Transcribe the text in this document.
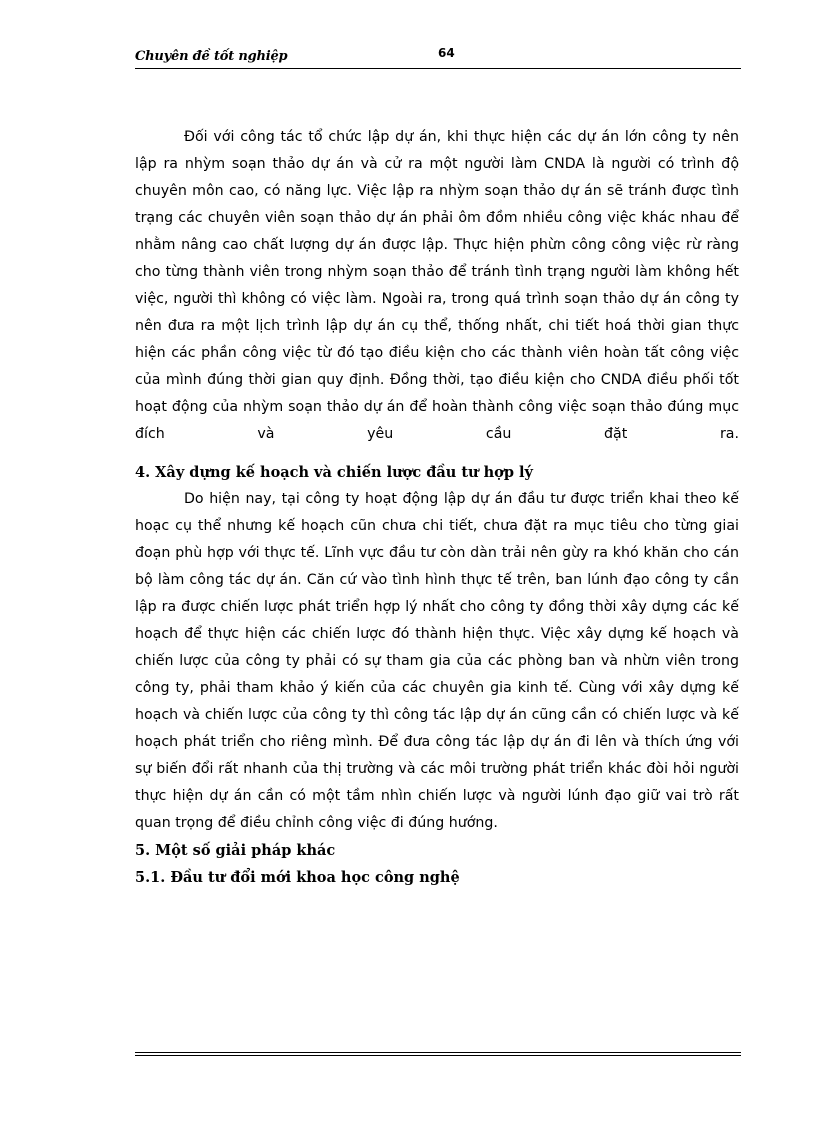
Chuyên đề tốt nghiệp	64

Đối với công tác tổ chức lập dự án, khi thực hiện các dự án lớn công ty nên lập ra nhỳm soạn thảo dự án và cử ra một người làm CNDA là người có trình độ chuyên môn cao, có năng lực. Việc lập ra nhỳm soạn thảo dự án sẽ tránh được tình trạng các chuyên viên soạn thảo dự án phải ôm đồm nhiều công việc khác nhau để nhằm nâng cao chất lượng dự án được lập. Thực hiện phừn công công việc rừ ràng cho từng thành viên trong nhỳm soạn thảo để tránh tình trạng người làm không hết việc, người thì không có việc làm. Ngoài ra, trong quá trình soạn thảo dự án công ty nên đưa ra một lịch trình lập dự án cụ thể, thống nhất, chi tiết hoá thời gian thực hiện các phần công việc từ đó tạo điều kiện cho các thành viên hoàn tất công việc của mình đúng thời gian quy định. Đồng thời, tạo điều kiện cho CNDA điều phối tốt hoạt động của nhỳm soạn thảo dự án để hoàn thành công việc soạn thảo đúng mục đích và yêu cầu đặt ra.

4. Xây dựng kế hoạch và chiến lược đầu tư hợp lý

Do hiện nay, tại công ty hoạt động lập dự án đầu tư được triển khai theo kế hoạc cụ thể nhưng kế hoạch cũn chưa chi tiết, chưa đặt ra mục tiêu cho từng giai đoạn phù hợp với thực tế. Lĩnh vực đầu tư còn dàn trải nên gừy ra khó khăn cho cán bộ làm công tác dự án. Căn cứ vào tình hình thực tế trên, ban lúnh đạo công ty cần lập ra được chiến lược phát triển hợp lý nhất cho công ty đồng thời xây dựng các kế hoạch để thực hiện các chiến lược đó thành hiện thực. Việc xây dựng kế hoạch và chiến lược của công ty phải có sự tham gia của các phòng ban và nhừn viên trong công ty, phải tham khảo ý kiến của các chuyên gia kinh tế. Cùng với xây dựng kế hoạch và chiến lược của công ty thì công tác lập dự án cũng cần có chiến lược và kế hoạch phát triển cho riêng mình. Để đưa công tác lập dự án đi lên và thích ứng với sự biến đổi rất nhanh của thị trường và các môi trường phát triển khác đòi hỏi người thực hiện dự án cần có một tầm nhìn chiến lược và người lúnh đạo giữ vai trò rất quan trọng để điều chỉnh công việc đi đúng hướng.

5. Một số giải pháp khác

5.1. Đầu tư đổi mới khoa học công nghệ
